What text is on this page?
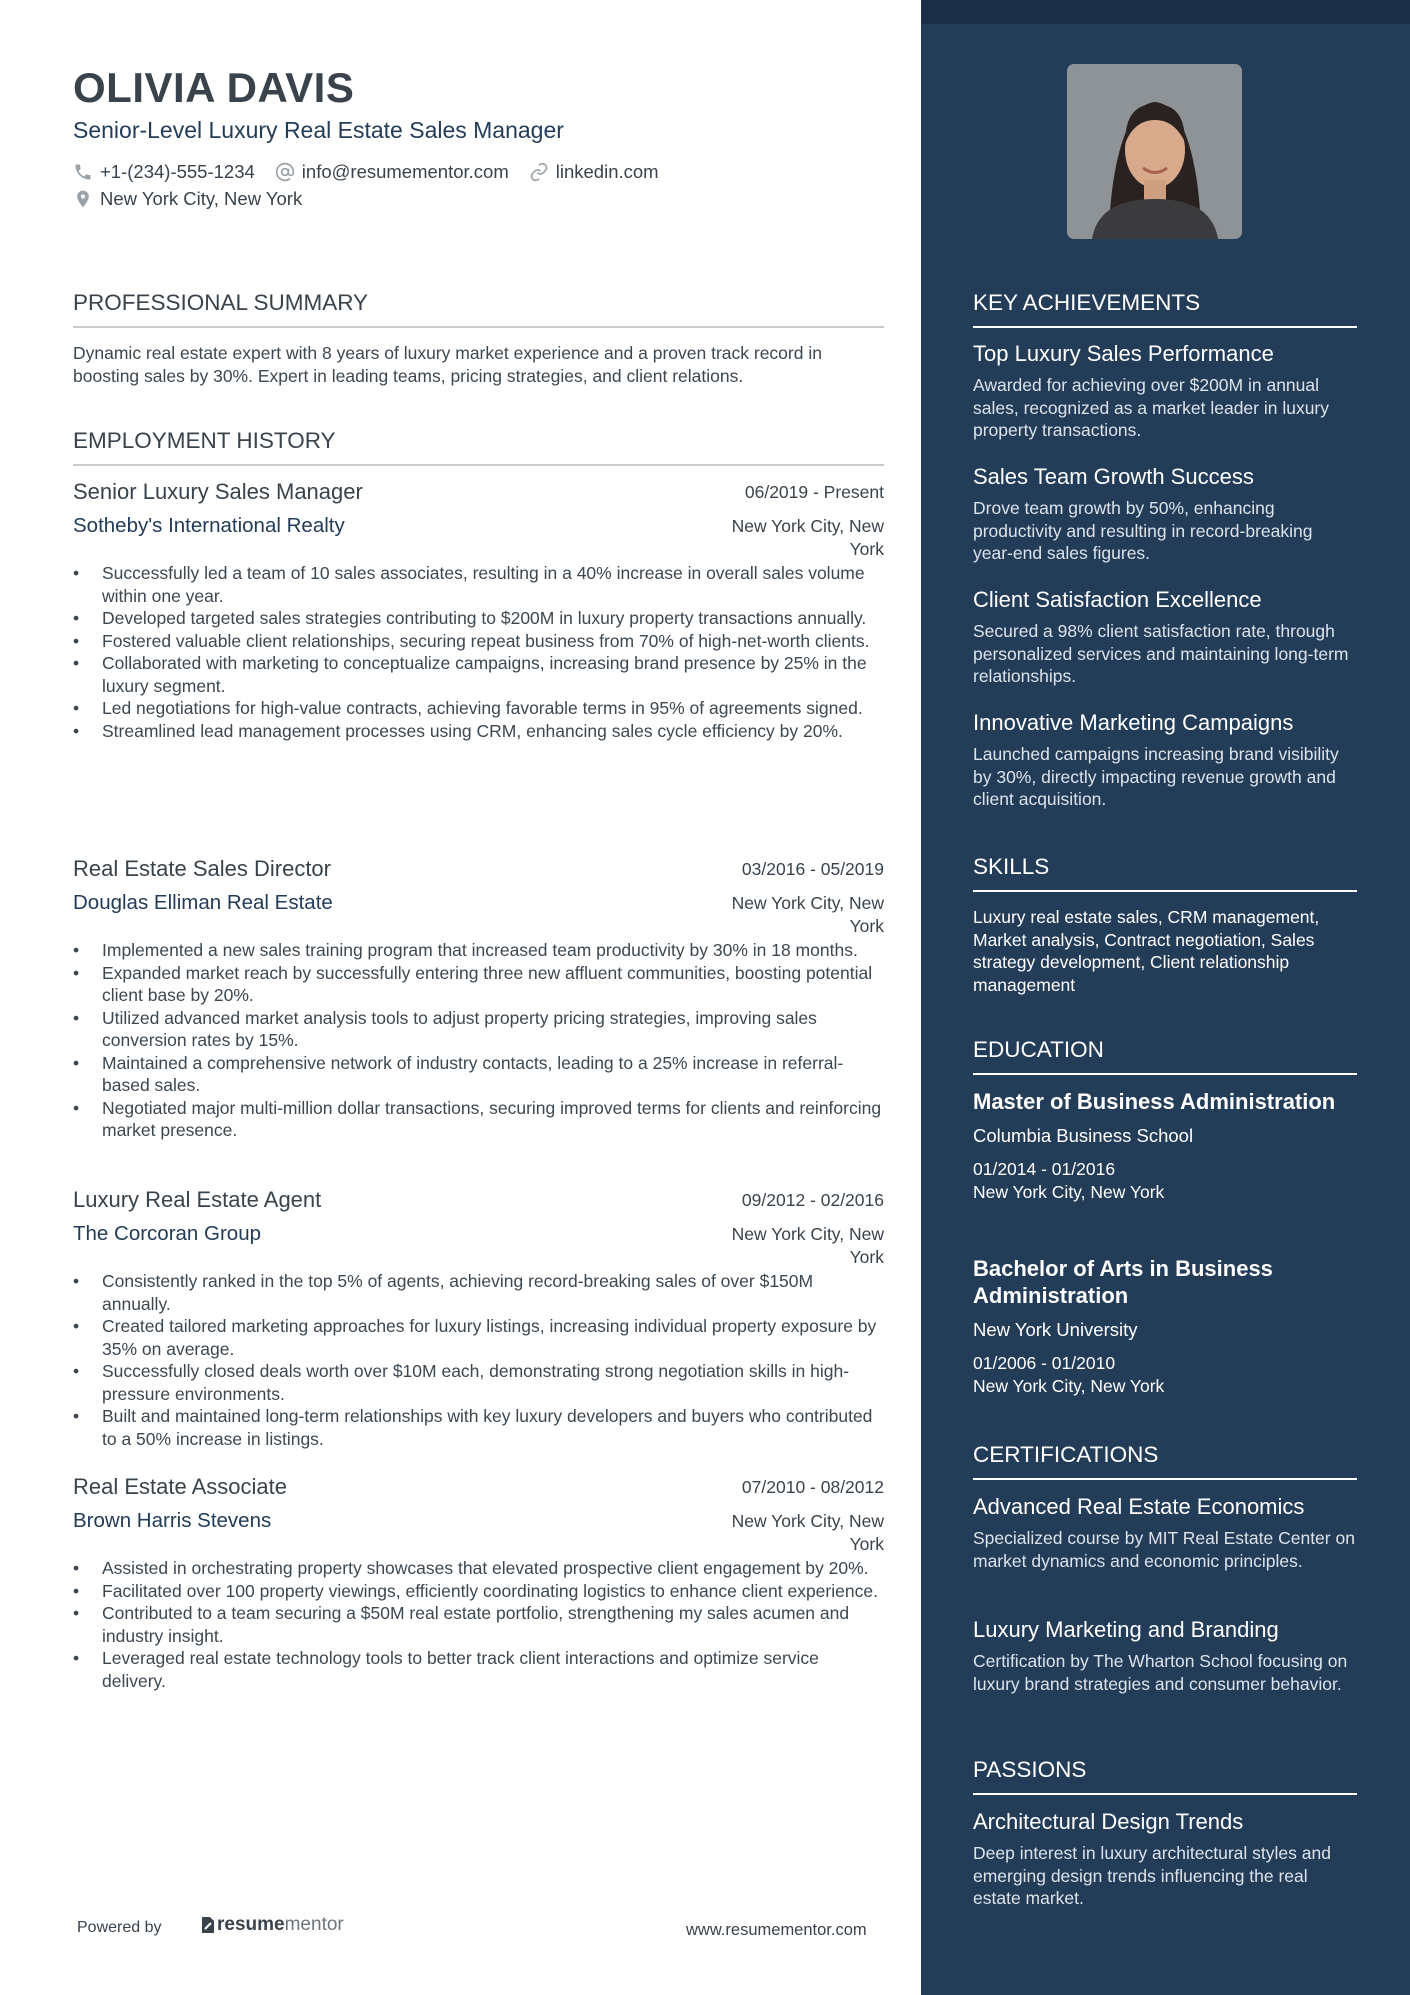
OLIVIA DAVIS
Senior-Level Luxury Real Estate Sales Manager
+1-(234)-555-1234	info@resumementor.com	linkedin.com
New York City, New York
PROFESSIONAL SUMMARY
Dynamic real estate expert with 8 years of luxury market experience and a proven track record in boosting sales by 30%. Expert in leading teams, pricing strategies, and client relations.
EMPLOYMENT HISTORY
Senior Luxury Sales Manager	06/2019 - Present
Sotheby's International Realty	New York City, New York
• Successfully led a team of 10 sales associates, resulting in a 40% increase in overall sales volume within one year.
• Developed targeted sales strategies contributing to $200M in luxury property transactions annually.
• Fostered valuable client relationships, securing repeat business from 70% of high-net-worth clients.
• Collaborated with marketing to conceptualize campaigns, increasing brand presence by 25% in the luxury segment.
• Led negotiations for high-value contracts, achieving favorable terms in 95% of agreements signed.
• Streamlined lead management processes using CRM, enhancing sales cycle efficiency by 20%.
Real Estate Sales Director	03/2016 - 05/2019
Douglas Elliman Real Estate	New York City, New York
• Implemented a new sales training program that increased team productivity by 30% in 18 months.
• Expanded market reach by successfully entering three new affluent communities, boosting potential client base by 20%.
• Utilized advanced market analysis tools to adjust property pricing strategies, improving sales conversion rates by 15%.
• Maintained a comprehensive network of industry contacts, leading to a 25% increase in referral-based sales.
• Negotiated major multi-million dollar transactions, securing improved terms for clients and reinforcing market presence.
Luxury Real Estate Agent	09/2012 - 02/2016
The Corcoran Group	New York City, New York
• Consistently ranked in the top 5% of agents, achieving record-breaking sales of over $150M annually.
• Created tailored marketing approaches for luxury listings, increasing individual property exposure by 35% on average.
• Successfully closed deals worth over $10M each, demonstrating strong negotiation skills in high-pressure environments.
• Built and maintained long-term relationships with key luxury developers and buyers who contributed to a 50% increase in listings.
Real Estate Associate	07/2010 - 08/2012
Brown Harris Stevens	New York City, New York
• Assisted in orchestrating property showcases that elevated prospective client engagement by 20%.
• Facilitated over 100 property viewings, efficiently coordinating logistics to enhance client experience.
• Contributed to a team securing a $50M real estate portfolio, strengthening my sales acumen and industry insight.
• Leveraged real estate technology tools to better track client interactions and optimize service delivery.
Powered by	resume mentor	www.resumementor.com
KEY ACHIEVEMENTS
Top Luxury Sales Performance
Awarded for achieving over $200M in annual sales, recognized as a market leader in luxury property transactions.
Sales Team Growth Success
Drove team growth by 50%, enhancing productivity and resulting in record-breaking year-end sales figures.
Client Satisfaction Excellence
Secured a 98% client satisfaction rate, through personalized services and maintaining long-term relationships.
Innovative Marketing Campaigns
Launched campaigns increasing brand visibility by 30%, directly impacting revenue growth and client acquisition.
SKILLS
Luxury real estate sales, CRM management, Market analysis, Contract negotiation, Sales strategy development, Client relationship management
EDUCATION
Master of Business Administration
Columbia Business School
01/2014 - 01/2016
New York City, New York
Bachelor of Arts in Business Administration
New York University
01/2006 - 01/2010
New York City, New York
CERTIFICATIONS
Advanced Real Estate Economics
Specialized course by MIT Real Estate Center on market dynamics and economic principles.
Luxury Marketing and Branding
Certification by The Wharton School focusing on luxury brand strategies and consumer behavior.
PASSIONS
Architectural Design Trends
Deep interest in luxury architectural styles and emerging design trends influencing the real estate market.
